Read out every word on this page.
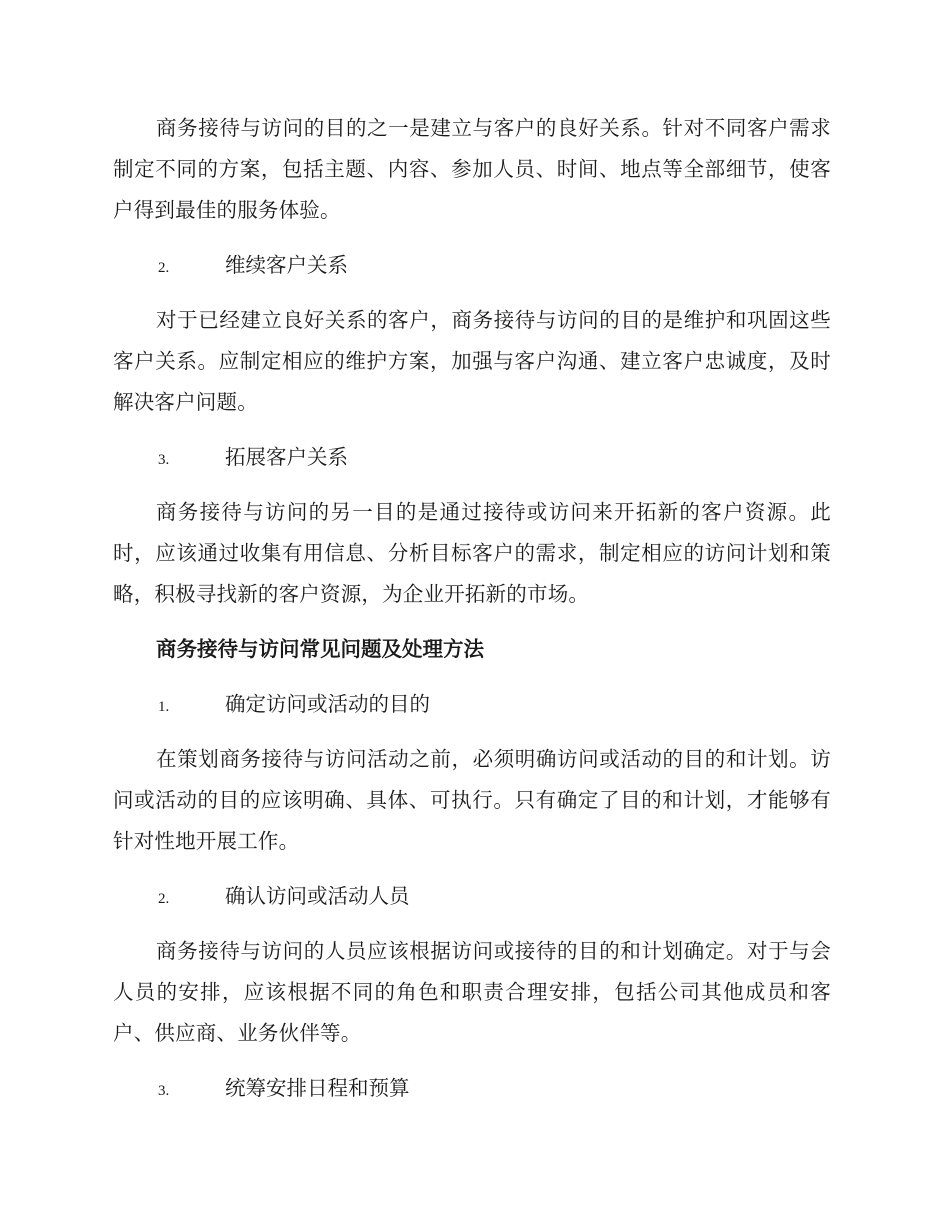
商务接待与访问的目的之一是建立与客户的良好关系。针对不同客户需求制定不同的方案，包括主题、内容、参加人员、时间、地点等全部细节，使客户得到最佳的服务体验。

2.	维续客户关系

对于已经建立良好关系的客户，商务接待与访问的目的是维护和巩固这些客户关系。应制定相应的维护方案，加强与客户沟通、建立客户忠诚度，及时解决客户问题。

3.	拓展客户关系

商务接待与访问的另一目的是通过接待或访问来开拓新的客户资源。此时，应该通过收集有用信息、分析目标客户的需求，制定相应的访问计划和策略，积极寻找新的客户资源，为企业开拓新的市场。

商务接待与访问常见问题及处理方法
1.	确定访问或活动的目的

在策划商务接待与访问活动之前，必须明确访问或活动的目的和计划。访问或活动的目的应该明确、具体、可执行。只有确定了目的和计划，才能够有针对性地开展工作。

2.	确认访问或活动人员

商务接待与访问的人员应该根据访问或接待的目的和计划确定。对于与会人员的安排，应该根据不同的角色和职责合理安排，包括公司其他成员和客户、供应商、业务伙伴等。

3.	统筹安排日程和预算
